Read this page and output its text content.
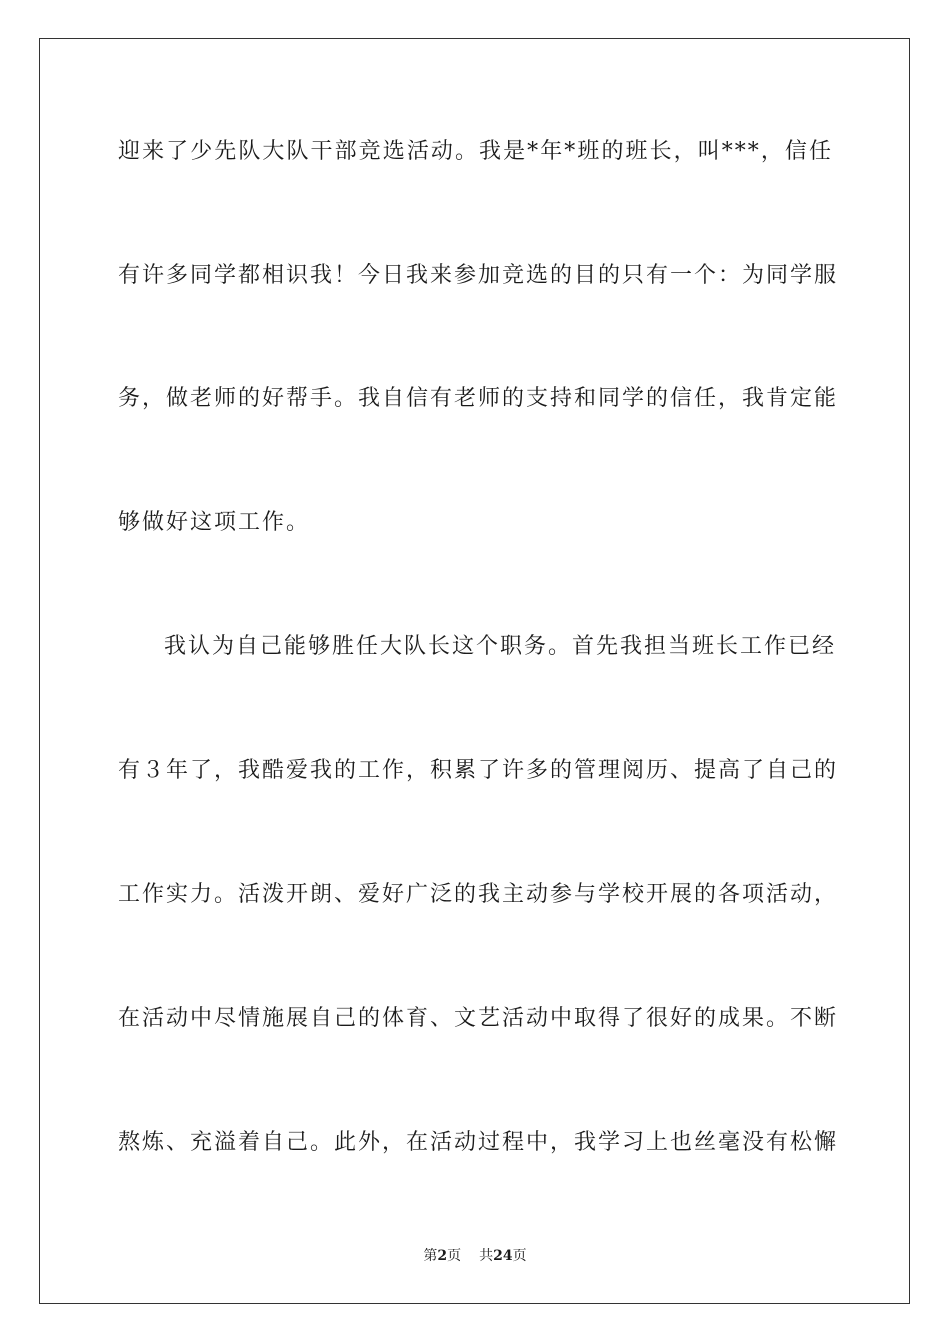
迎来了少先队大队干部竞选活动。我是*年*班的班长，叫***，信任
有许多同学都相识我！今日我来参加竞选的目的只有一个：为同学服
务，做老师的好帮手。我自信有老师的支持和同学的信任，我肯定能
够做好这项工作。
我认为自己能够胜任大队长这个职务。首先我担当班长工作已经
有３年了，我酷爱我的工作，积累了许多的管理阅历、提高了自己的
工作实力。活泼开朗、爱好广泛的我主动参与学校开展的各项活动，
在活动中尽情施展自己的体育、文艺活动中取得了很好的成果。不断
熬炼、充溢着自己。此外，在活动过程中，我学习上也丝毫没有松懈
第2页 共24页
